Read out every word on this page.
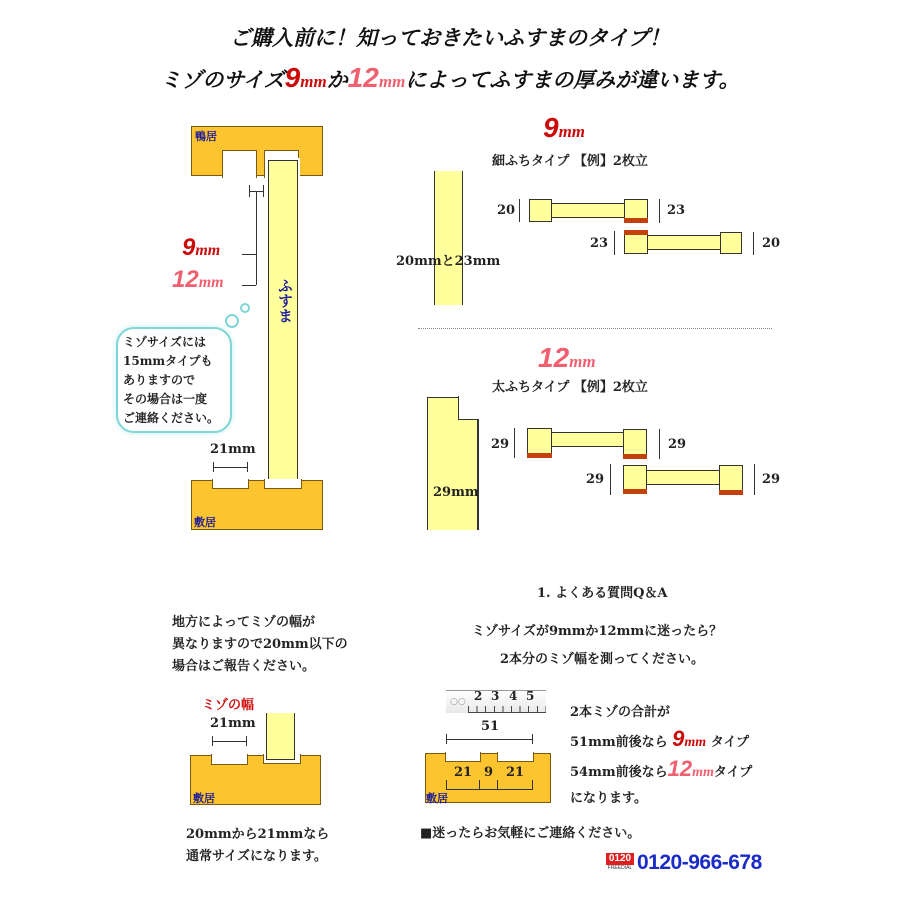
ご購入前に！知っておきたいふすまのタイプ！
ミゾのサイズ9mmか12mmによってふすまの厚みが違います。
鴨居
ふすま
9mm
12mm
ミゾサイズには
15mmタイプも
ありますので
その場合は一度
ご連絡ください。
21mm
敷居
9mm
細ふちタイプ 【例】2枚立
20mmと23mm
20	23
23	20
12mm
太ふちタイプ 【例】2枚立
29mm
29	29
29	29
地方によってミゾの幅が
異なりますので20mm以下の
場合はご報告ください。
ミゾの幅
21mm
敷居
20mmから21mmなら
通常サイズになります。
1. よくある質問Q＆A
ミゾサイズが9mmか12mmに迷ったら？
2本分のミゾ幅を測ってください。
○○ 2 3 4 5
51
21 9 21
敷居
2本ミゾの合計が
51mm前後なら 9mm タイプ
54mm前後なら12mmタイプ
になります。
■迷ったらお気軽にご連絡ください。
0120
FREEDIAL 0120-966-678
